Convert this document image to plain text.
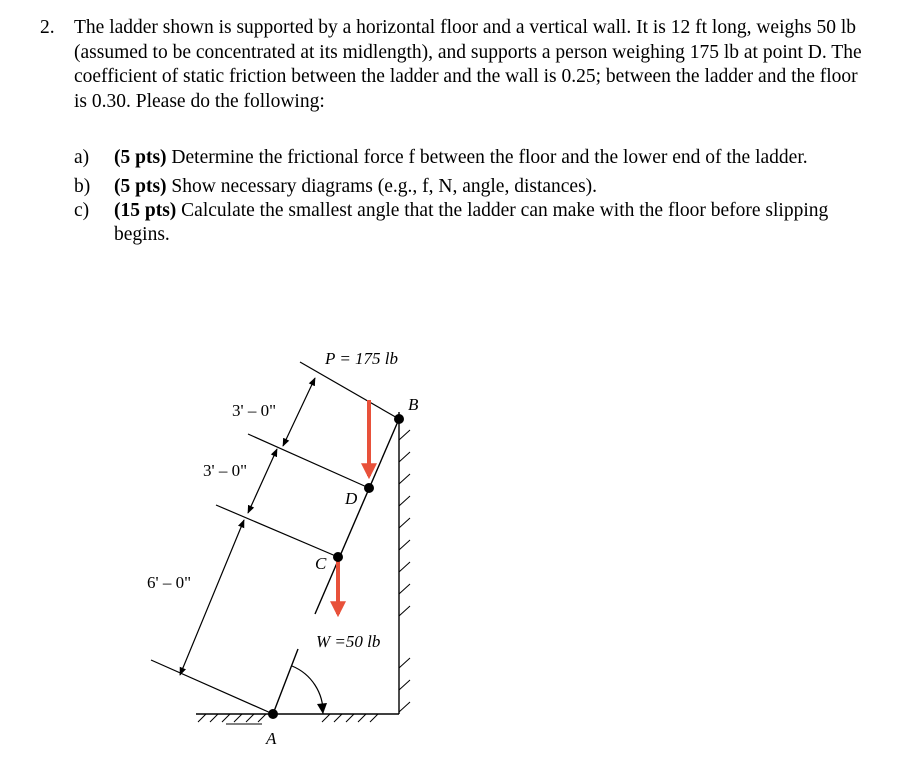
2. The ladder shown is supported by a horizontal floor and a vertical wall. It is 12 ft long, weighs 50 lb (assumed to be concentrated at its midlength), and supports a person weighing 175 lb at point D. The coefficient of static friction between the ladder and the wall is 0.25; between the ladder and the floor is 0.30. Please do the following:
a) (5 pts) Determine the frictional force f between the floor and the lower end of the ladder.
b) (5 pts) Show necessary diagrams (e.g., f, N, angle, distances).
c) (15 pts) Calculate the smallest angle that the ladder can make with the floor before slipping begins.
P = 175 lb
W =50 lb
3' – 0"
3' – 0"
6' – 0"
B
D
C
A
